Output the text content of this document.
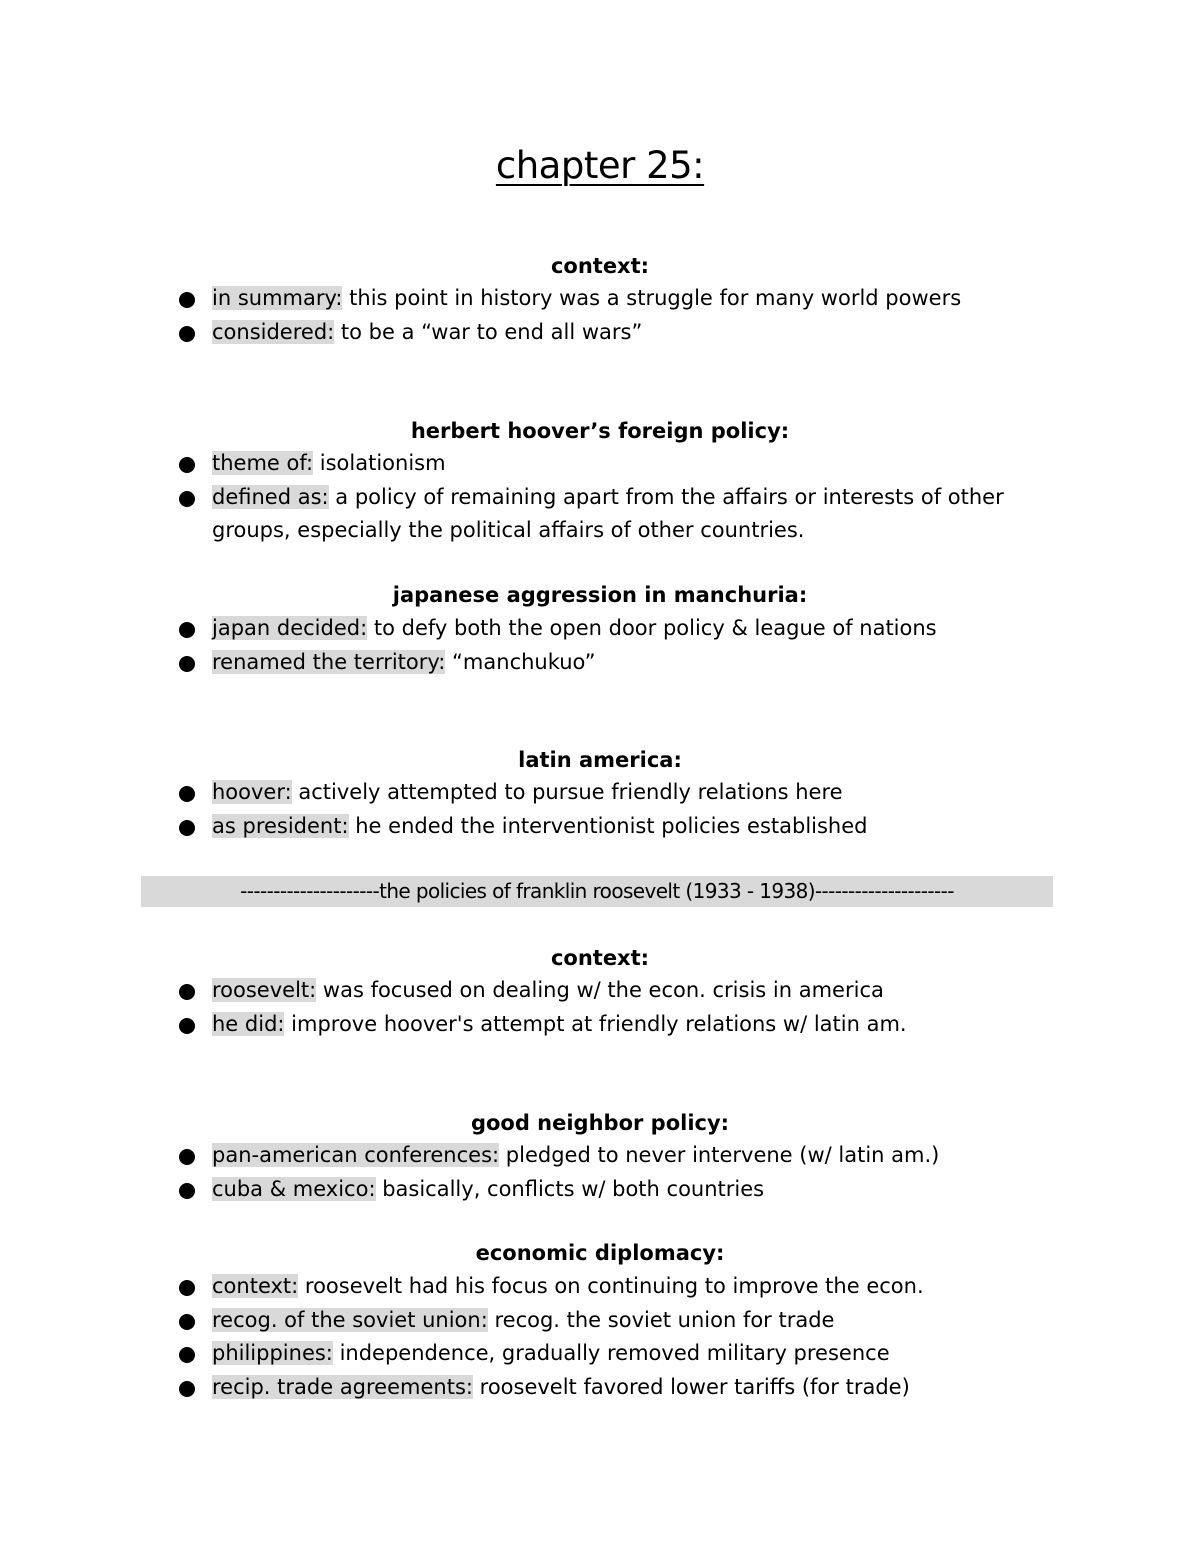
chapter 25:
context:
in summary: this point in history was a struggle for many world powers
considered: to be a “war to end all wars”
herbert hoover’s foreign policy:
theme of: isolationism
defined as: a policy of remaining apart from the affairs or interests of other groups, especially the political affairs of other countries.
japanese aggression in manchuria:
japan decided: to defy both the open door policy & league of nations
renamed the territory: “manchukuo”
latin america:
hoover: actively attempted to pursue friendly relations here
as president: he ended the interventionist policies established
---------------------the policies of franklin roosevelt (1933 - 1938)---------------------
context:
roosevelt: was focused on dealing w/ the econ. crisis in america
he did: improve hoover's attempt at friendly relations w/ latin am.
good neighbor policy:
pan-american conferences: pledged to never intervene (w/ latin am.)
cuba & mexico: basically, conflicts w/ both countries
economic diplomacy:
context: roosevelt had his focus on continuing to improve the econ.
recog. of the soviet union: recog. the soviet union for trade
philippines: independence, gradually removed military presence
recip. trade agreements: roosevelt favored lower tariffs (for trade)
